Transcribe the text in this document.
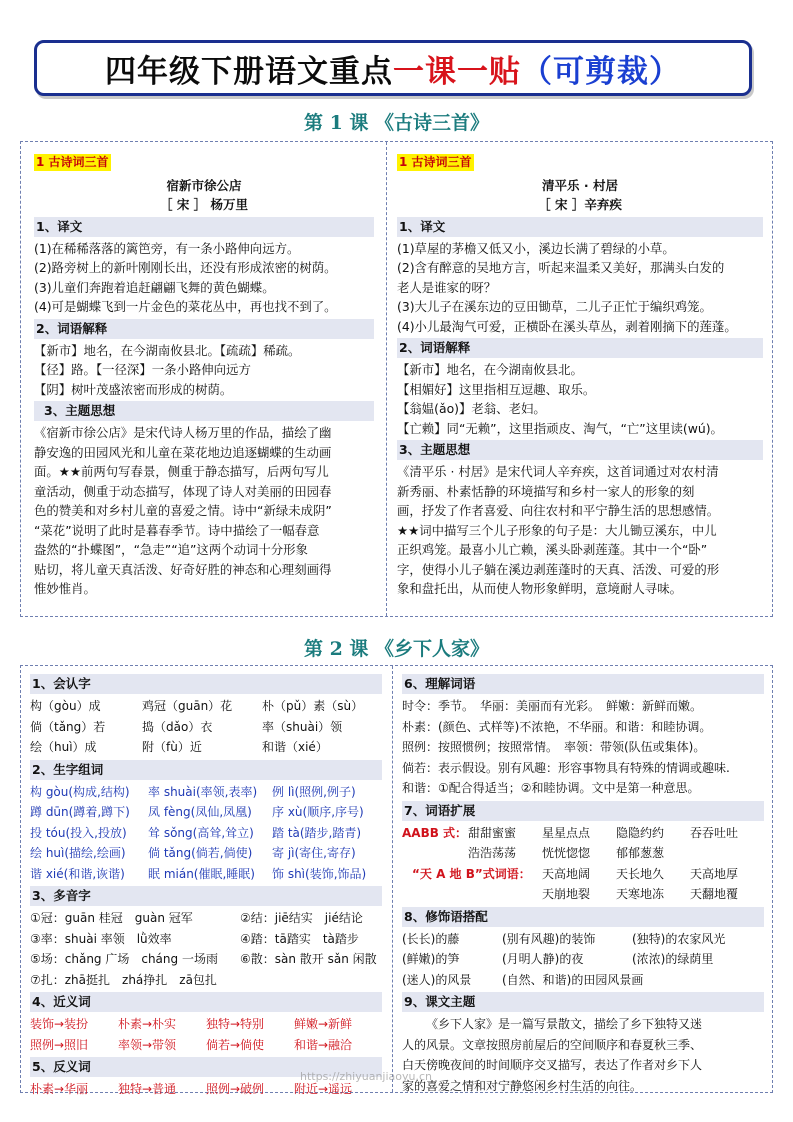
四年级下册语文重点 一课一贴 （可剪裁）
第 1 课 《古诗三首》
1 古诗词三首
宿新市徐公店
［ 宋 ］ 杨万里
1、译文
(1)在稀稀落落的篱笆旁，有一条小路伸向远方。
(2)路旁树上的新叶刚刚长出，还没有形成浓密的树荫。
(3)儿童们奔跑着追赶翩翩飞舞的黄色蝴蝶。
(4)可是蝴蝶飞到一片金色的菜花丛中，再也找不到了。
2、词语解释
【新市】地名，在今湖南攸县北。【疏疏】稀疏。
【径】路。【一径深】一条小路伸向远方
【阴】树叶茂盛浓密而形成的树荫。
3、主题思想
《宿新市徐公店》是宋代诗人杨万里的作品，描绘了幽
静安逸的田园风光和儿童在菜花地边追逐蝴蝶的生动画
面。★★前两句写春景，侧重于静态描写，后两句写儿
童活动，侧重于动态描写，体现了诗人对美丽的田园春
色的赞美和对乡村儿童的喜爱之情。诗中“新绿未成阴”
“菜花”说明了此时是暮春季节。诗中描绘了一幅春意
盎然的“扑蝶图”，“急走”“追”这两个动词十分形象
贴切，将儿童天真活泼、好奇好胜的神态和心理刻画得
惟妙惟肖。
1 古诗词三首
清平乐 · 村居
［ 宋 ］辛弃疾
1、译文
(1)草屋的茅檐又低又小，溪边长满了碧绿的小草。
(2)含有醉意的吴地方言，听起来温柔又美好，那满头白发的
老人是谁家的呀？
(3)大儿子在溪东边的豆田锄草，二儿子正忙于编织鸡笼。
(4)小儿最淘气可爱，正横卧在溪头草丛，剥着刚摘下的莲蓬。
2、词语解释
【新市】地名，在今湖南攸县北。
【相媚好】这里指相互逗趣、取乐。
【翁媪(ǎo)】老翁、老妇。
【亡赖】同“无赖”，这里指顽皮、淘气，“亡”这里读(wú)。
3、主题思想
《清平乐 · 村居》是宋代词人辛弃疾，这首词通过对农村清
新秀丽、朴素恬静的环境描写和乡村一家人的形象的刻
画，抒发了作者喜爱、向往农村和平宁静生活的思想感情。
★★词中描写三个儿子形象的句子是：大儿锄豆溪东，中儿
正织鸡笼。最喜小儿亡赖，溪头卧剥莲蓬。其中一个“卧”
字，使得小儿子躺在溪边剥莲蓬时的天真、活泼、可爱的形
象和盘托出，从而使人物形象鲜明，意境耐人寻味。
第 2 课 《乡下人家》
1、会认字
构（gòu）成	鸡冠（guān）花	朴（pǔ）素（sù）
倘（tǎng）若	捣（dǎo）衣	率（shuài）领
绘（huì）成	附（fù）近	和谐（xié）
2、生字组词
构 gòu(构成,结构)	率 shuài(率领,表率)	例 lì(照例,例子)
蹲 dūn(蹲着,蹲下)	凤 fèng(凤仙,凤凰)	序 xù(顺序,序号)
投 tóu(投入,投放)	耸 sǒng(高耸,耸立)	踏 tà(踏步,踏青)
绘 huì(描绘,绘画)	倘 tǎng(倘若,倘使)	寄 jì(寄住,寄存)
谐 xié(和谐,诙谐)	眠 mián(催眠,睡眠)	饰 shì(装饰,饰品)
3、多音字
①冠：guān 桂冠　guàn 冠军	②结：jiē结实　jié结论
③率：shuài 率领　lǜ效率	④踏：tā踏实　tà踏步
⑤场：chǎng 广场　cháng 一场雨	⑥散：sàn 散开 sǎn 闲散
⑦扎：zhā挺扎　zhá挣扎　zā包扎
4、近义词
装饰→装扮	朴素→朴实	独特→特别	鲜嫩→新鲜
照例→照旧	率领→带领	倘若→倘使	和谐→融洽
5、反义词
朴素→华丽	独特→普通	照例→破例	附近→遥远
6、理解词语
时令：季节。　华丽：美丽而有光彩。　鲜嫩：新鲜而嫩。
朴素：(颜色、式样等)不浓艳，不华丽。和谐：和睦协调。
照例：按照惯例；按照常情。　率领：带领(队伍或集体)。
倘若：表示假设。别有风趣：形容事物具有特殊的情调或趣味.
和谐：①配合得适当；②和睦协调。文中是第一种意思。
7、词语扩展
AABB 式： 甜甜蜜蜜	星星点点	隐隐约约	吞吞吐吐
浩浩荡荡	恍恍惚惚	郁郁葱葱
“天 A 地 B”式词语： 天高地阔	天长地久	天高地厚
天崩地裂	天寒地冻	天翻地覆
8、修饰语搭配
(长长)的藤	(别有风趣)的装饰	(独特)的农家风光
(鲜嫩)的笋	(月明人静)的夜	(浓浓)的绿荫里
(迷人)的风景	(自然、和谐)的田园风景画
9、课文主题
《乡下人家》是一篇写景散文，描绘了乡下独特又迷
人的风景。文章按照房前屋后的空间顺序和春夏秋三季、
白天傍晚夜间的时间顺序交叉描写，表达了作者对乡下人
家的喜爱之情和对宁静悠闲乡村生活的向往。
https://zhiyuanjiaoyu.cn
